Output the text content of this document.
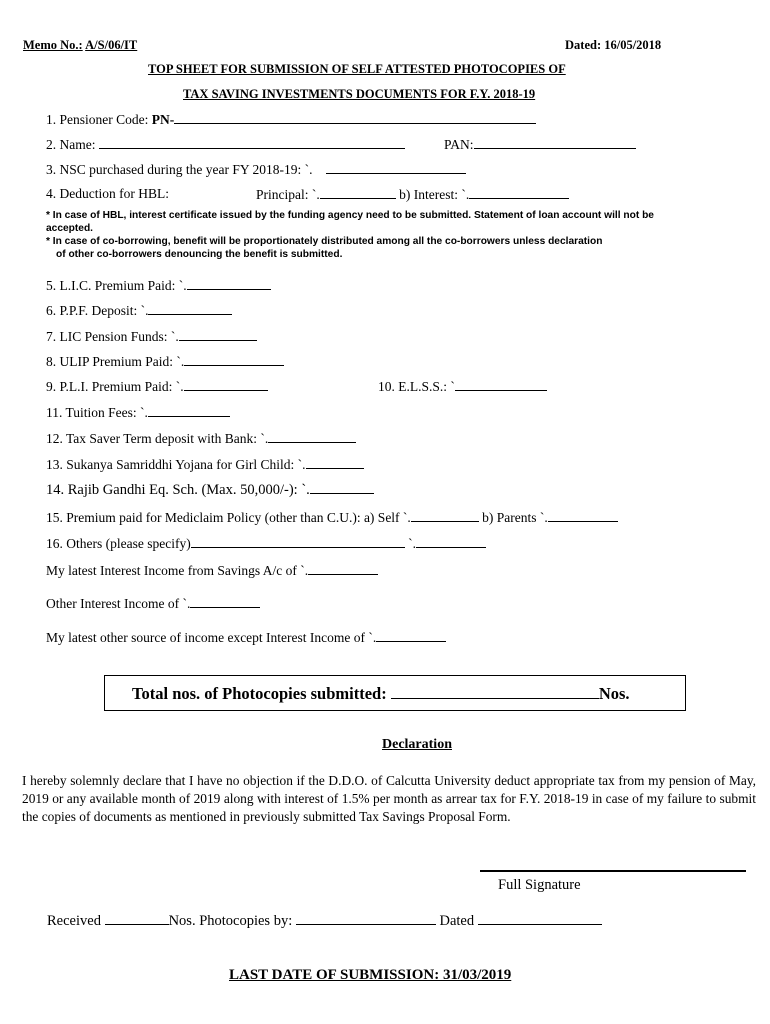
Memo No.: A/S/06/IT	Dated: 16/05/2018
TOP SHEET FOR SUBMISSION OF SELF ATTESTED PHOTOCOPIES OF
TAX SAVING INVESTMENTS DOCUMENTS FOR F.Y. 2018-19
1. Pensioner Code: PN-
2. Name:	PAN:
3. NSC purchased during the year FY 2018-19: `.
4. Deduction for HBL:	Principal: `.	b) Interest: `.
* In case of HBL, interest certificate issued by the funding agency need to be submitted. Statement of loan account will not be
accepted.
* In case of co-borrowing, benefit will be proportionately distributed among all the co-borrowers unless declaration
of other co-borrowers denouncing the benefit is submitted.
5. L.I.C. Premium Paid: `.
6. P.P.F. Deposit: `.
7. LIC Pension Funds: `.
8. ULIP Premium Paid: `.
9. P.L.I. Premium Paid: `.	10. E.L.S.S.: `
11. Tuition Fees: `.
12. Tax Saver Term deposit with Bank: `.
13. Sukanya Samriddhi Yojana for Girl Child: `.
14. Rajib Gandhi Eq. Sch. (Max. 50,000/-): `.
15. Premium paid for Mediclaim Policy (other than C.U.): a) Self `.	b) Parents `.
16. Others (please specify)	`.
My latest Interest Income from Savings A/c of `.
Other Interest Income of `.
My latest other source of income except Interest Income of `.
Total nos. of Photocopies submitted:	Nos.
Declaration
I hereby solemnly declare that I have no objection if the D.D.O. of Calcutta University deduct appropriate tax from my pension of May, 2019 or any available month of 2019 along with interest of 1.5% per month as arrear tax for F.Y. 2018-19 in case of my failure to submit the copies of documents as mentioned in previously submitted Tax Savings Proposal Form.
Full Signature
Received	Nos. Photocopies by:	Dated
LAST DATE OF SUBMISSION: 31/03/2019
